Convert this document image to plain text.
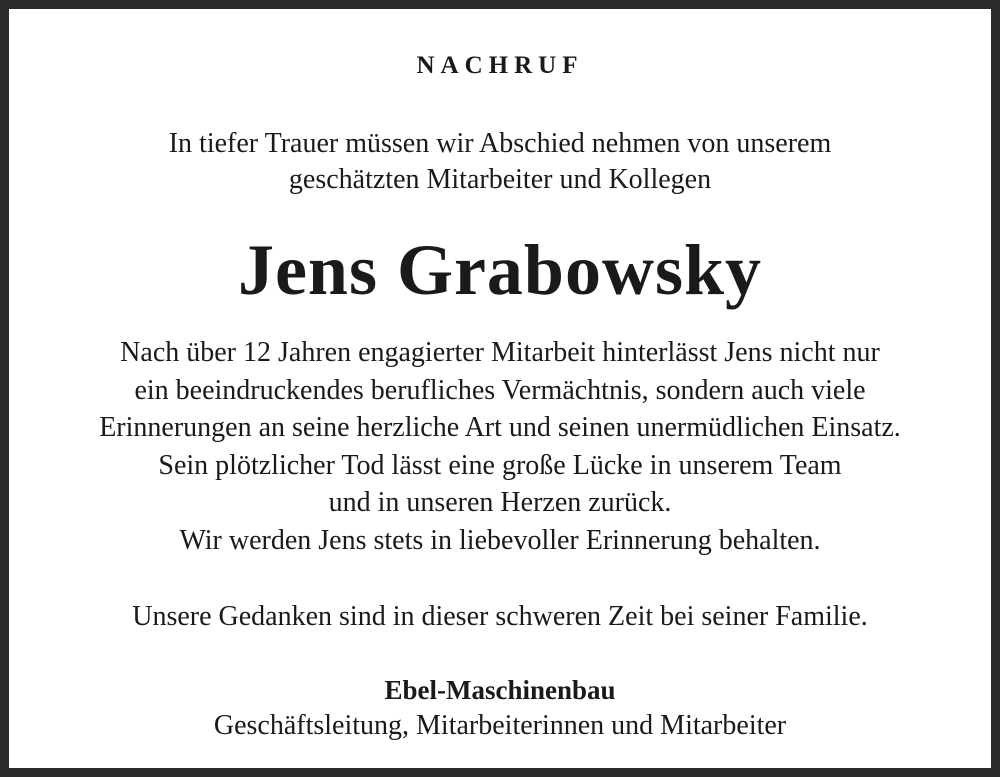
NACHRUF
In tiefer Trauer müssen wir Abschied nehmen von unserem
geschätzten Mitarbeiter und Kollegen
Jens Grabowsky
Nach über 12 Jahren engagierter Mitarbeit hinterlässt Jens nicht nur
ein beeindruckendes berufliches Vermächtnis, sondern auch viele
Erinnerungen an seine herzliche Art und seinen unermüdlichen Einsatz.
Sein plötzlicher Tod lässt eine große Lücke in unserem Team
und in unseren Herzen zurück.
Wir werden Jens stets in liebevoller Erinnerung behalten.
Unsere Gedanken sind in dieser schweren Zeit bei seiner Familie.
Ebel-Maschinenbau
Geschäftsleitung, Mitarbeiterinnen und Mitarbeiter
